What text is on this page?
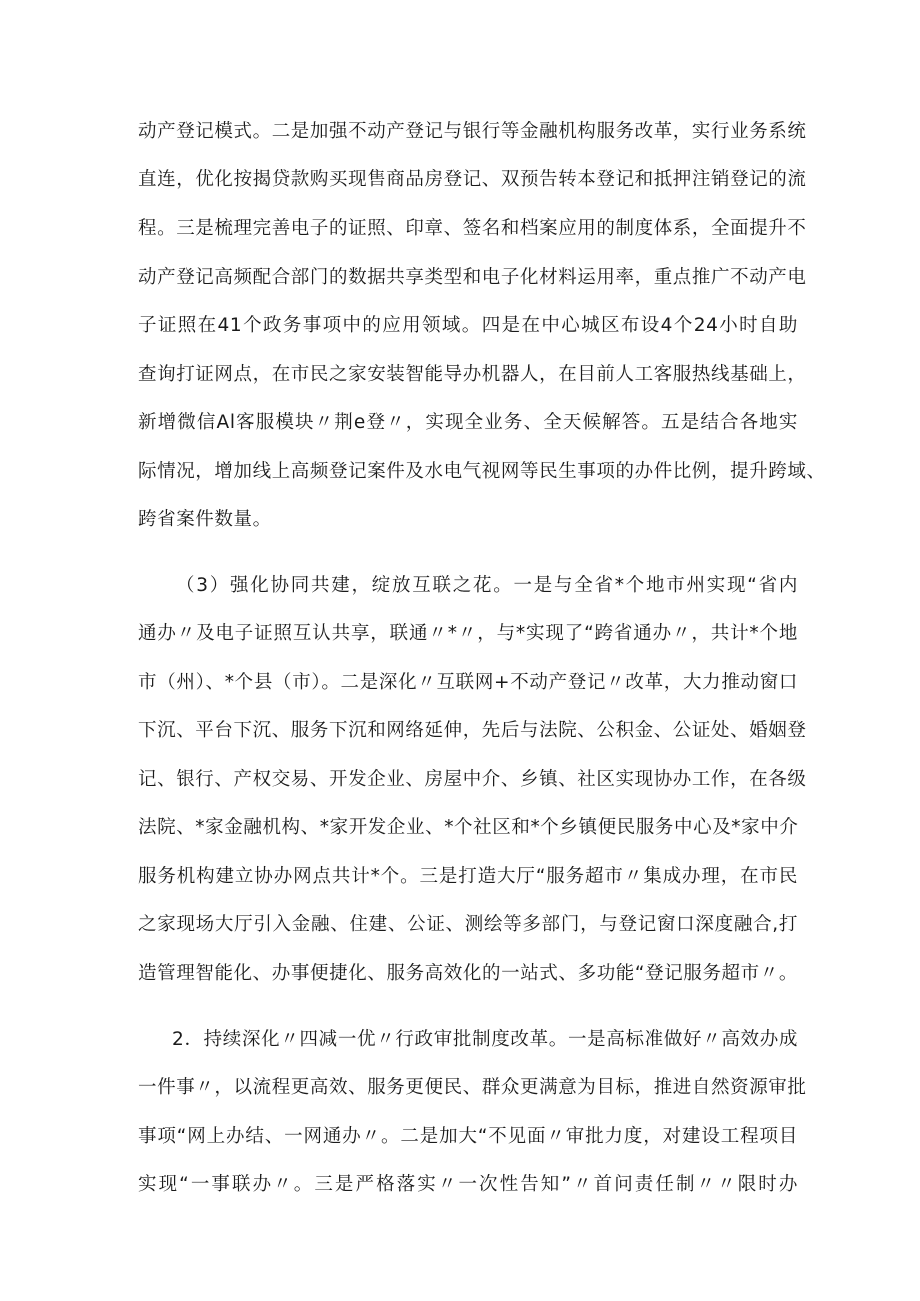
动产登记模式。二是加强不动产登记与银行等金融机构服务改革，实行业务系统
直连，优化按揭贷款购买现售商品房登记、双预告转本登记和抵押注销登记的流
程。三是梳理完善电子的证照、印章、签名和档案应用的制度体系，全面提升不
动产登记高频配合部门的数据共享类型和电子化材料运用率，重点推广不动产电
子证照在41个政务事项中的应用领域。四是在中心城区布设4个24小时自助
查询打证网点，在市民之家安装智能导办机器人，在目前人工客服热线基础上，
新增微信Al客服模块〃荆e登〃，实现全业务、全天候解答。五是结合各地实
际情况，增加线上高频登记案件及水电气视网等民生事项的办件比例，提升跨域、
跨省案件数量。
（3）强化协同共建，绽放互联之花。一是与全省*个地市州实现“省内
通办〃及电子证照互认共享，联通〃*〃，与*实现了“跨省通办〃，共计*个地
市（州）、*个县（市）。二是深化〃互联网+不动产登记〃改革，大力推动窗口
下沉、平台下沉、服务下沉和网络延伸，先后与法院、公积金、公证处、婚姻登
记、银行、产权交易、开发企业、房屋中介、乡镇、社区实现协办工作，在各级
法院、*家金融机构、*家开发企业、*个社区和*个乡镇便民服务中心及*家中介
服务机构建立协办网点共计*个。三是打造大厅“服务超市〃集成办理，在市民
之家现场大厅引入金融、住建、公证、测绘等多部门，与登记窗口深度融合,打
造管理智能化、办事便捷化、服务高效化的一站式、多功能“登记服务超市〃。
2．持续深化〃四减一优〃行政审批制度改革。一是高标准做好〃高效办成
一件事〃，以流程更高效、服务更便民、群众更满意为目标，推进自然资源审批
事项“网上办结、一网通办〃。二是加大“不见面〃审批力度，对建设工程项目
实现“一事联办〃。三是严格落实〃一次性告知”〃首问责任制〃〃限时办
